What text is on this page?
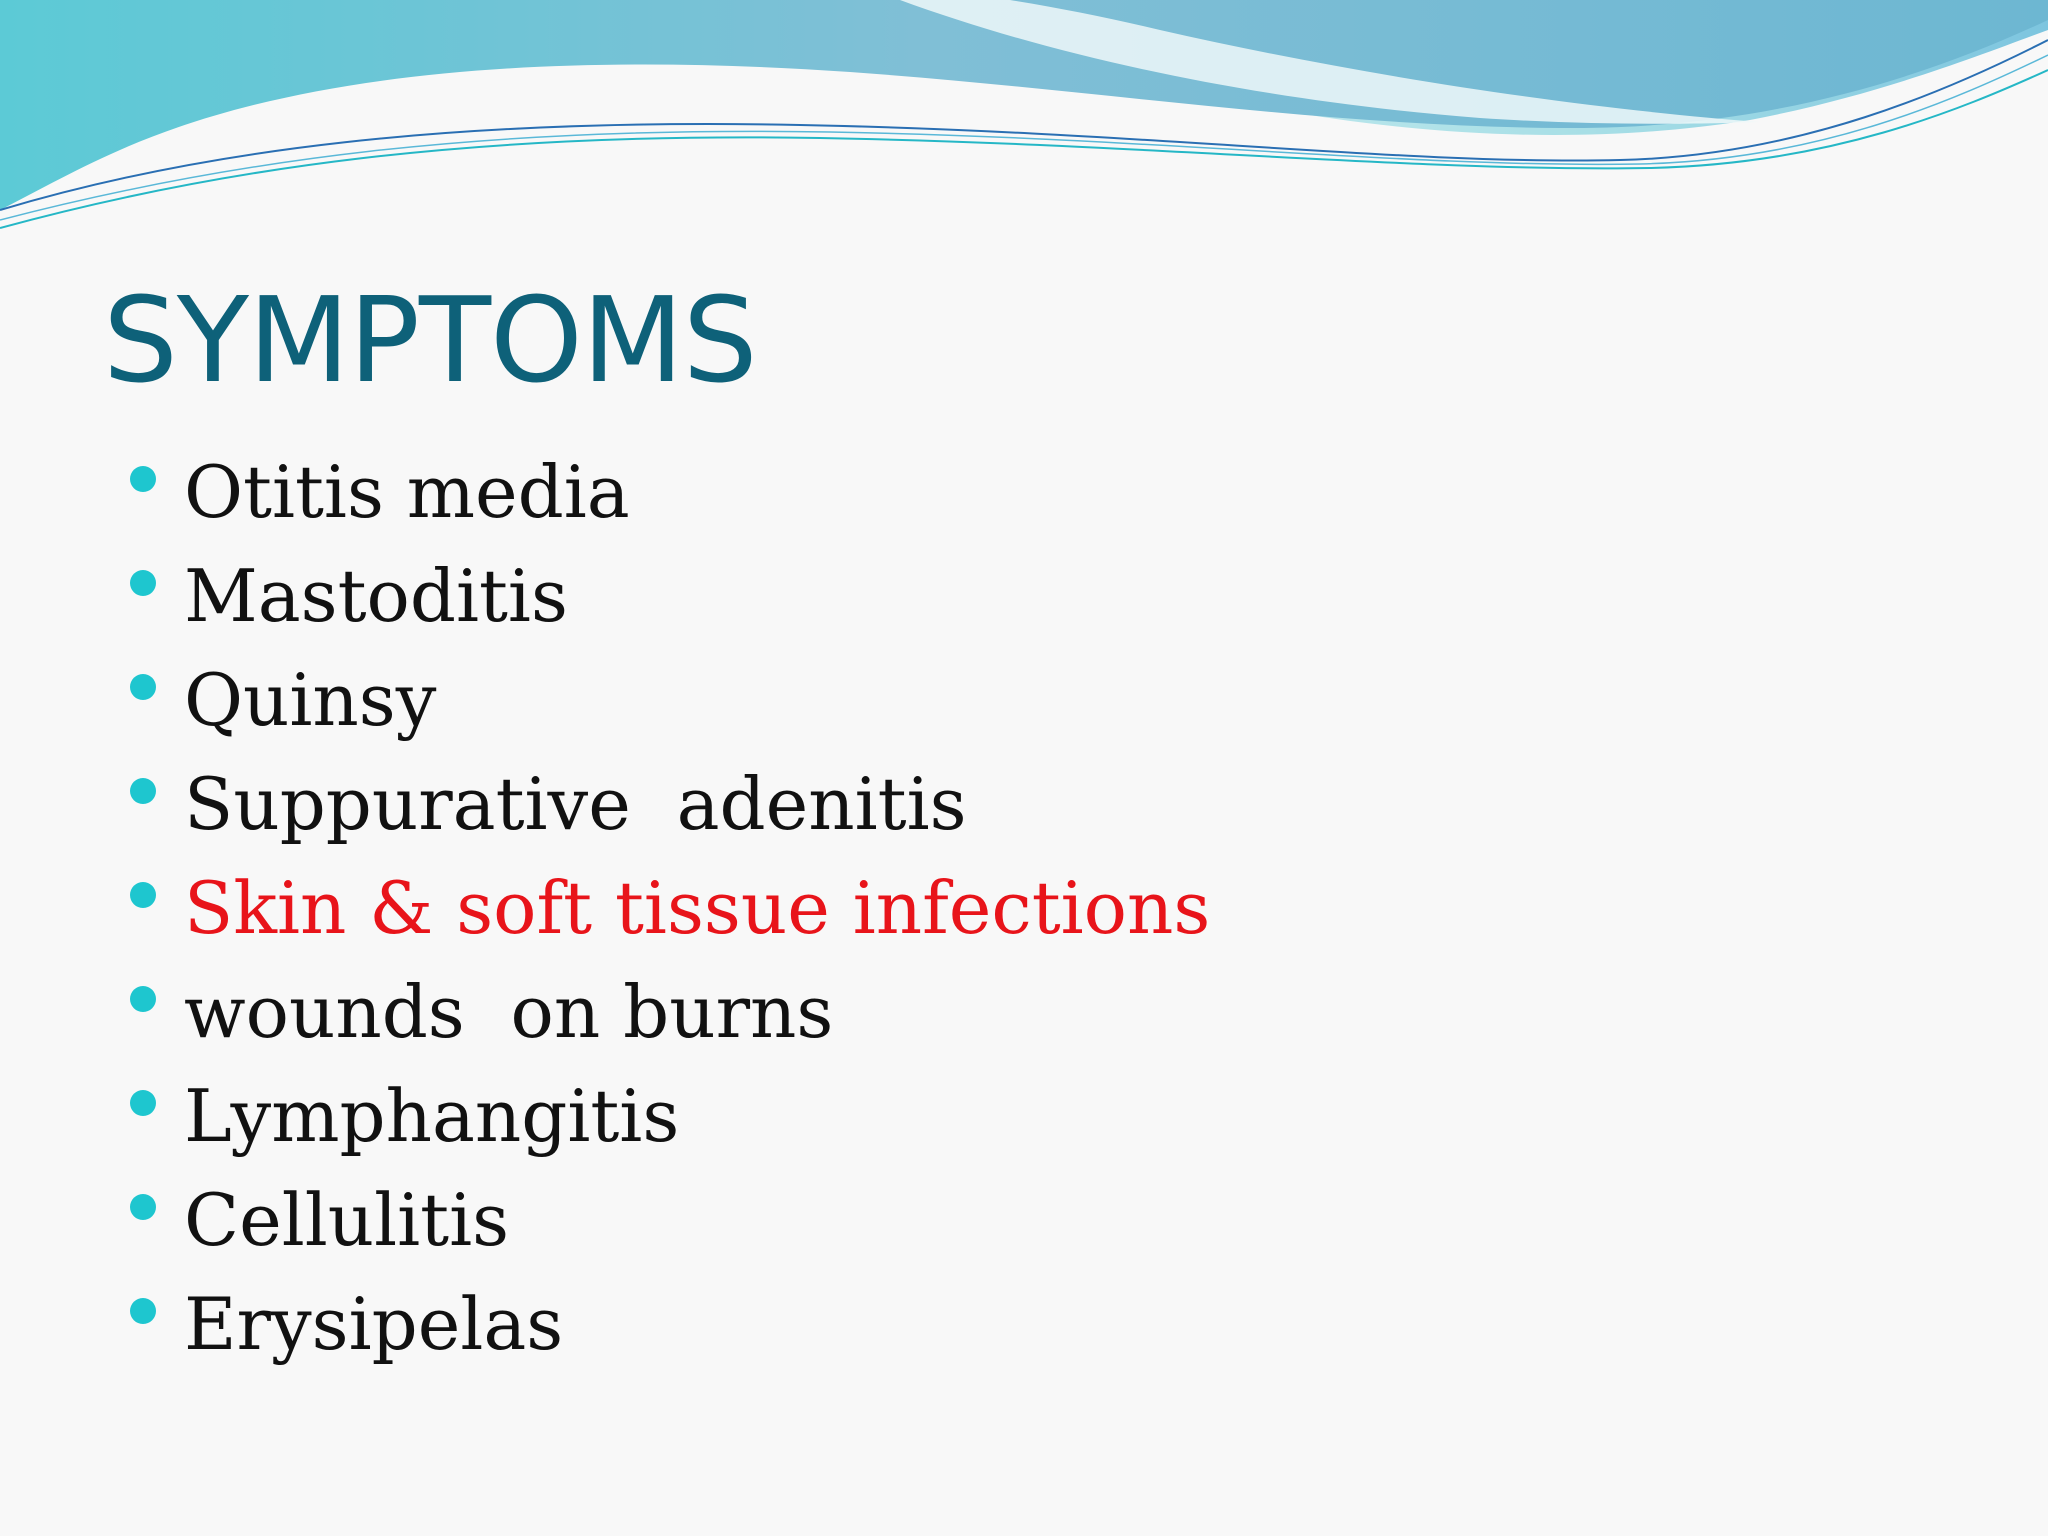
SYMPTOMS
Otitis media
Mastoditis
Quinsy
Suppurative  adenitis
Skin & soft tissue infections
wounds  on burns
Lymphangitis
Cellulitis
Erysipelas
